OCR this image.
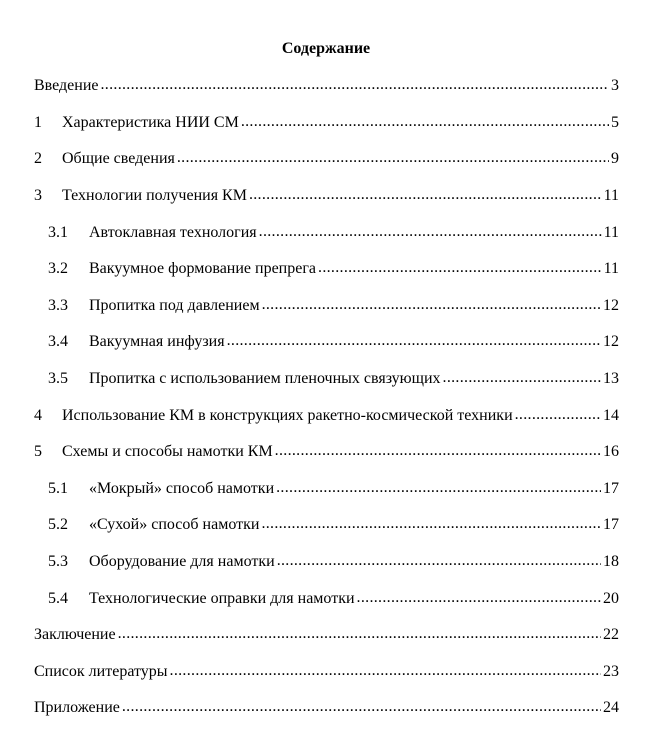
Содержание
Введение .....	3
1	Характеристика НИИ СМ .....	5
2	Общие сведения .....	9
3	Технологии получения КМ .....	11
3.1	Автоклавная технология .....	11
3.2	Вакуумное формование препрега .....	11
3.3	Пропитка под давлением .....	12
3.4	Вакуумная инфузия .....	12
3.5	Пропитка с использованием пленочных связующих .....	13
4	Использование КМ в конструкциях ракетно-космической техники .....	14
5	Схемы и способы намотки КМ .....	16
5.1	«Мокрый» способ намотки .....	17
5.2	«Сухой» способ намотки .....	17
5.3	Оборудование для намотки .....	18
5.4	Технологические оправки для намотки .....	20
Заключение .....	22
Список литературы .....	23
Приложение .....	24
